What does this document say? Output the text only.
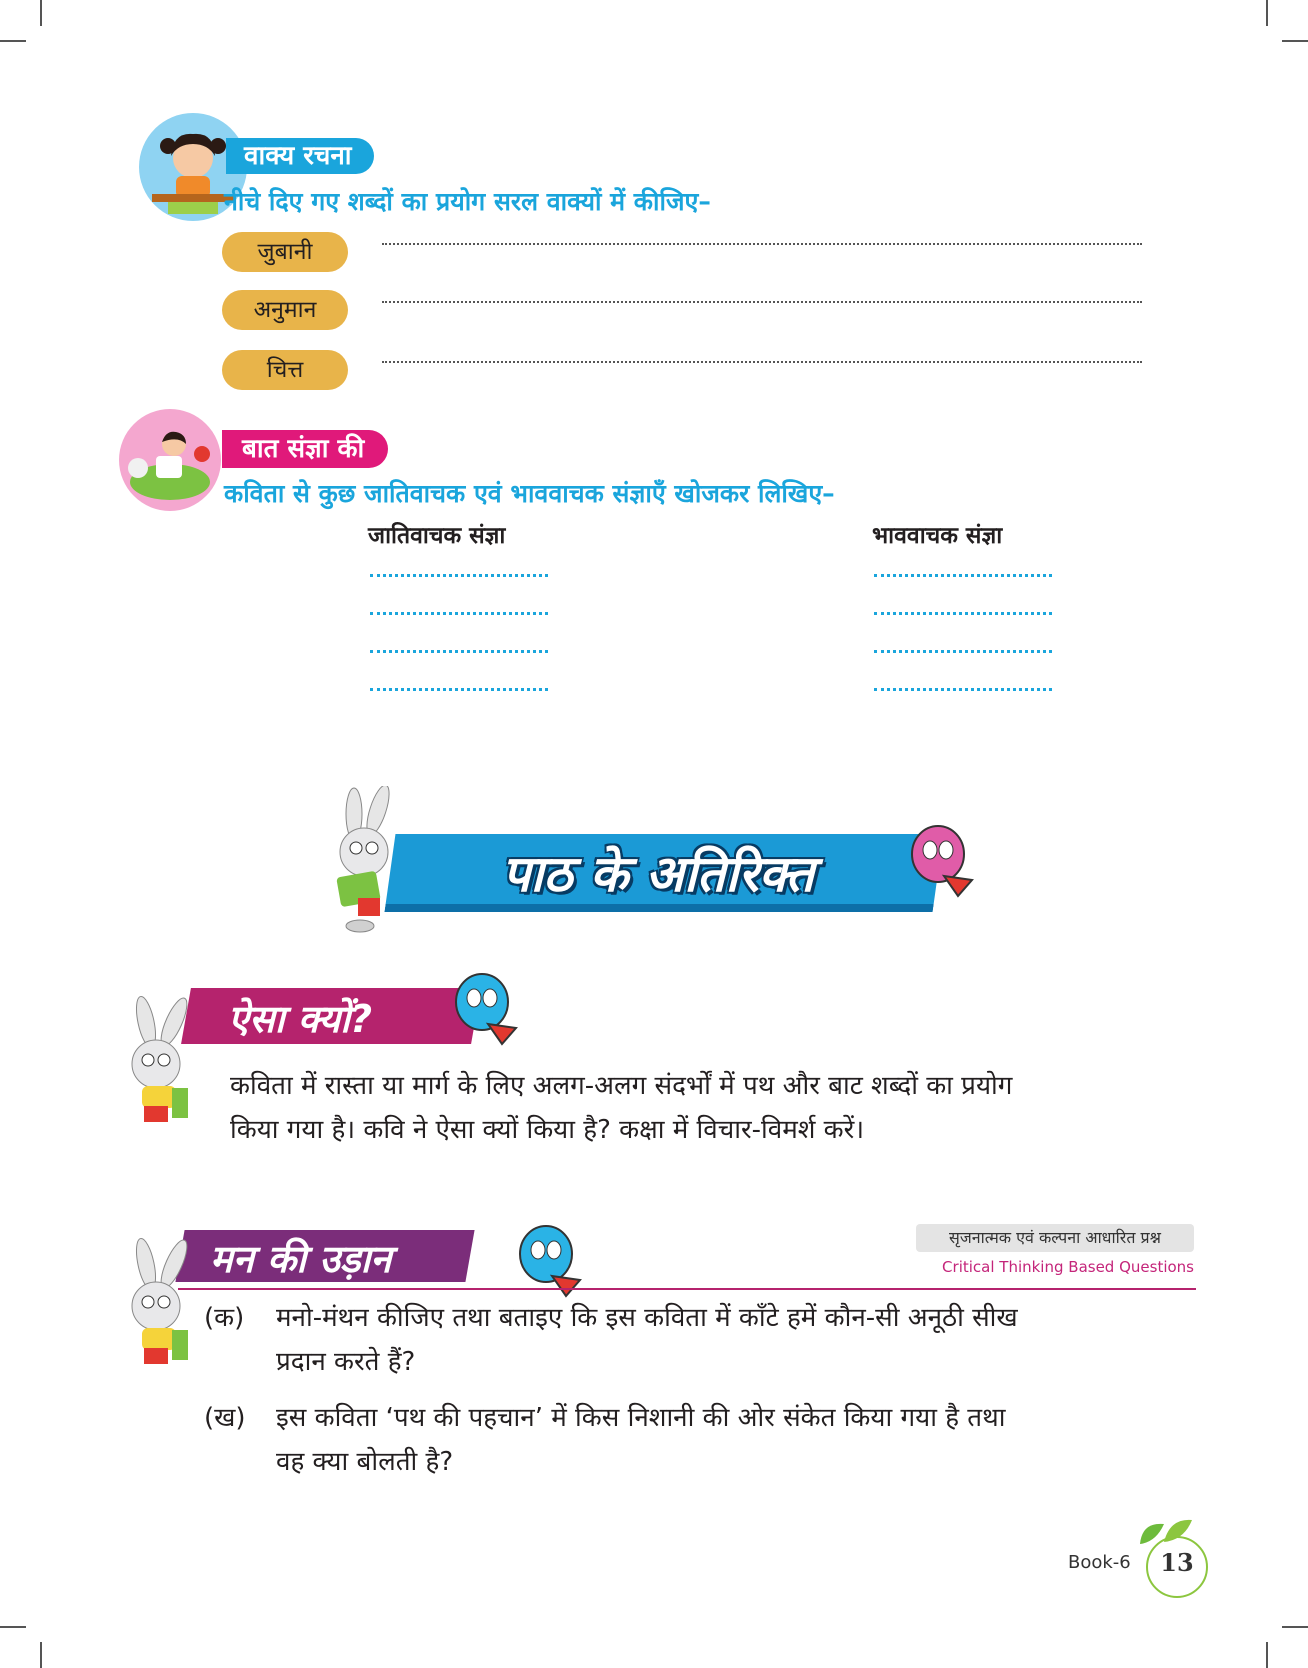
वाक्य रचना
नीचे दिए गए शब्दों का प्रयोग सरल वाक्यों में कीजिए–
जुबानी
अनुमान
चित्त
बात संज्ञा की
कविता से कुछ जातिवाचक एवं भाववाचक संज्ञाएँ खोजकर लिखिए–
जातिवाचक संज्ञा	भाववाचक संज्ञा
पाठ के अतिरिक्त
ऐसा क्यों?
कविता में रास्ता या मार्ग के लिए अलग-अलग संदर्भों में पथ और बाट शब्दों का प्रयोग
किया गया है। कवि ने ऐसा क्यों किया है? कक्षा में विचार-विमर्श करें।
मन की उड़ान	सृजनात्मक एवं कल्पना आधारित प्रश्न
Critical Thinking Based Questions
(क) मनो-मंथन कीजिए तथा बताइए कि इस कविता में काँटे हमें कौन-सी अनूठी सीख
प्रदान करते हैं?
(ख) इस कविता ‘पथ की पहचान’ में किस निशानी की ओर संकेत किया गया है तथा
वह क्या बोलती है?
Book-6	13
